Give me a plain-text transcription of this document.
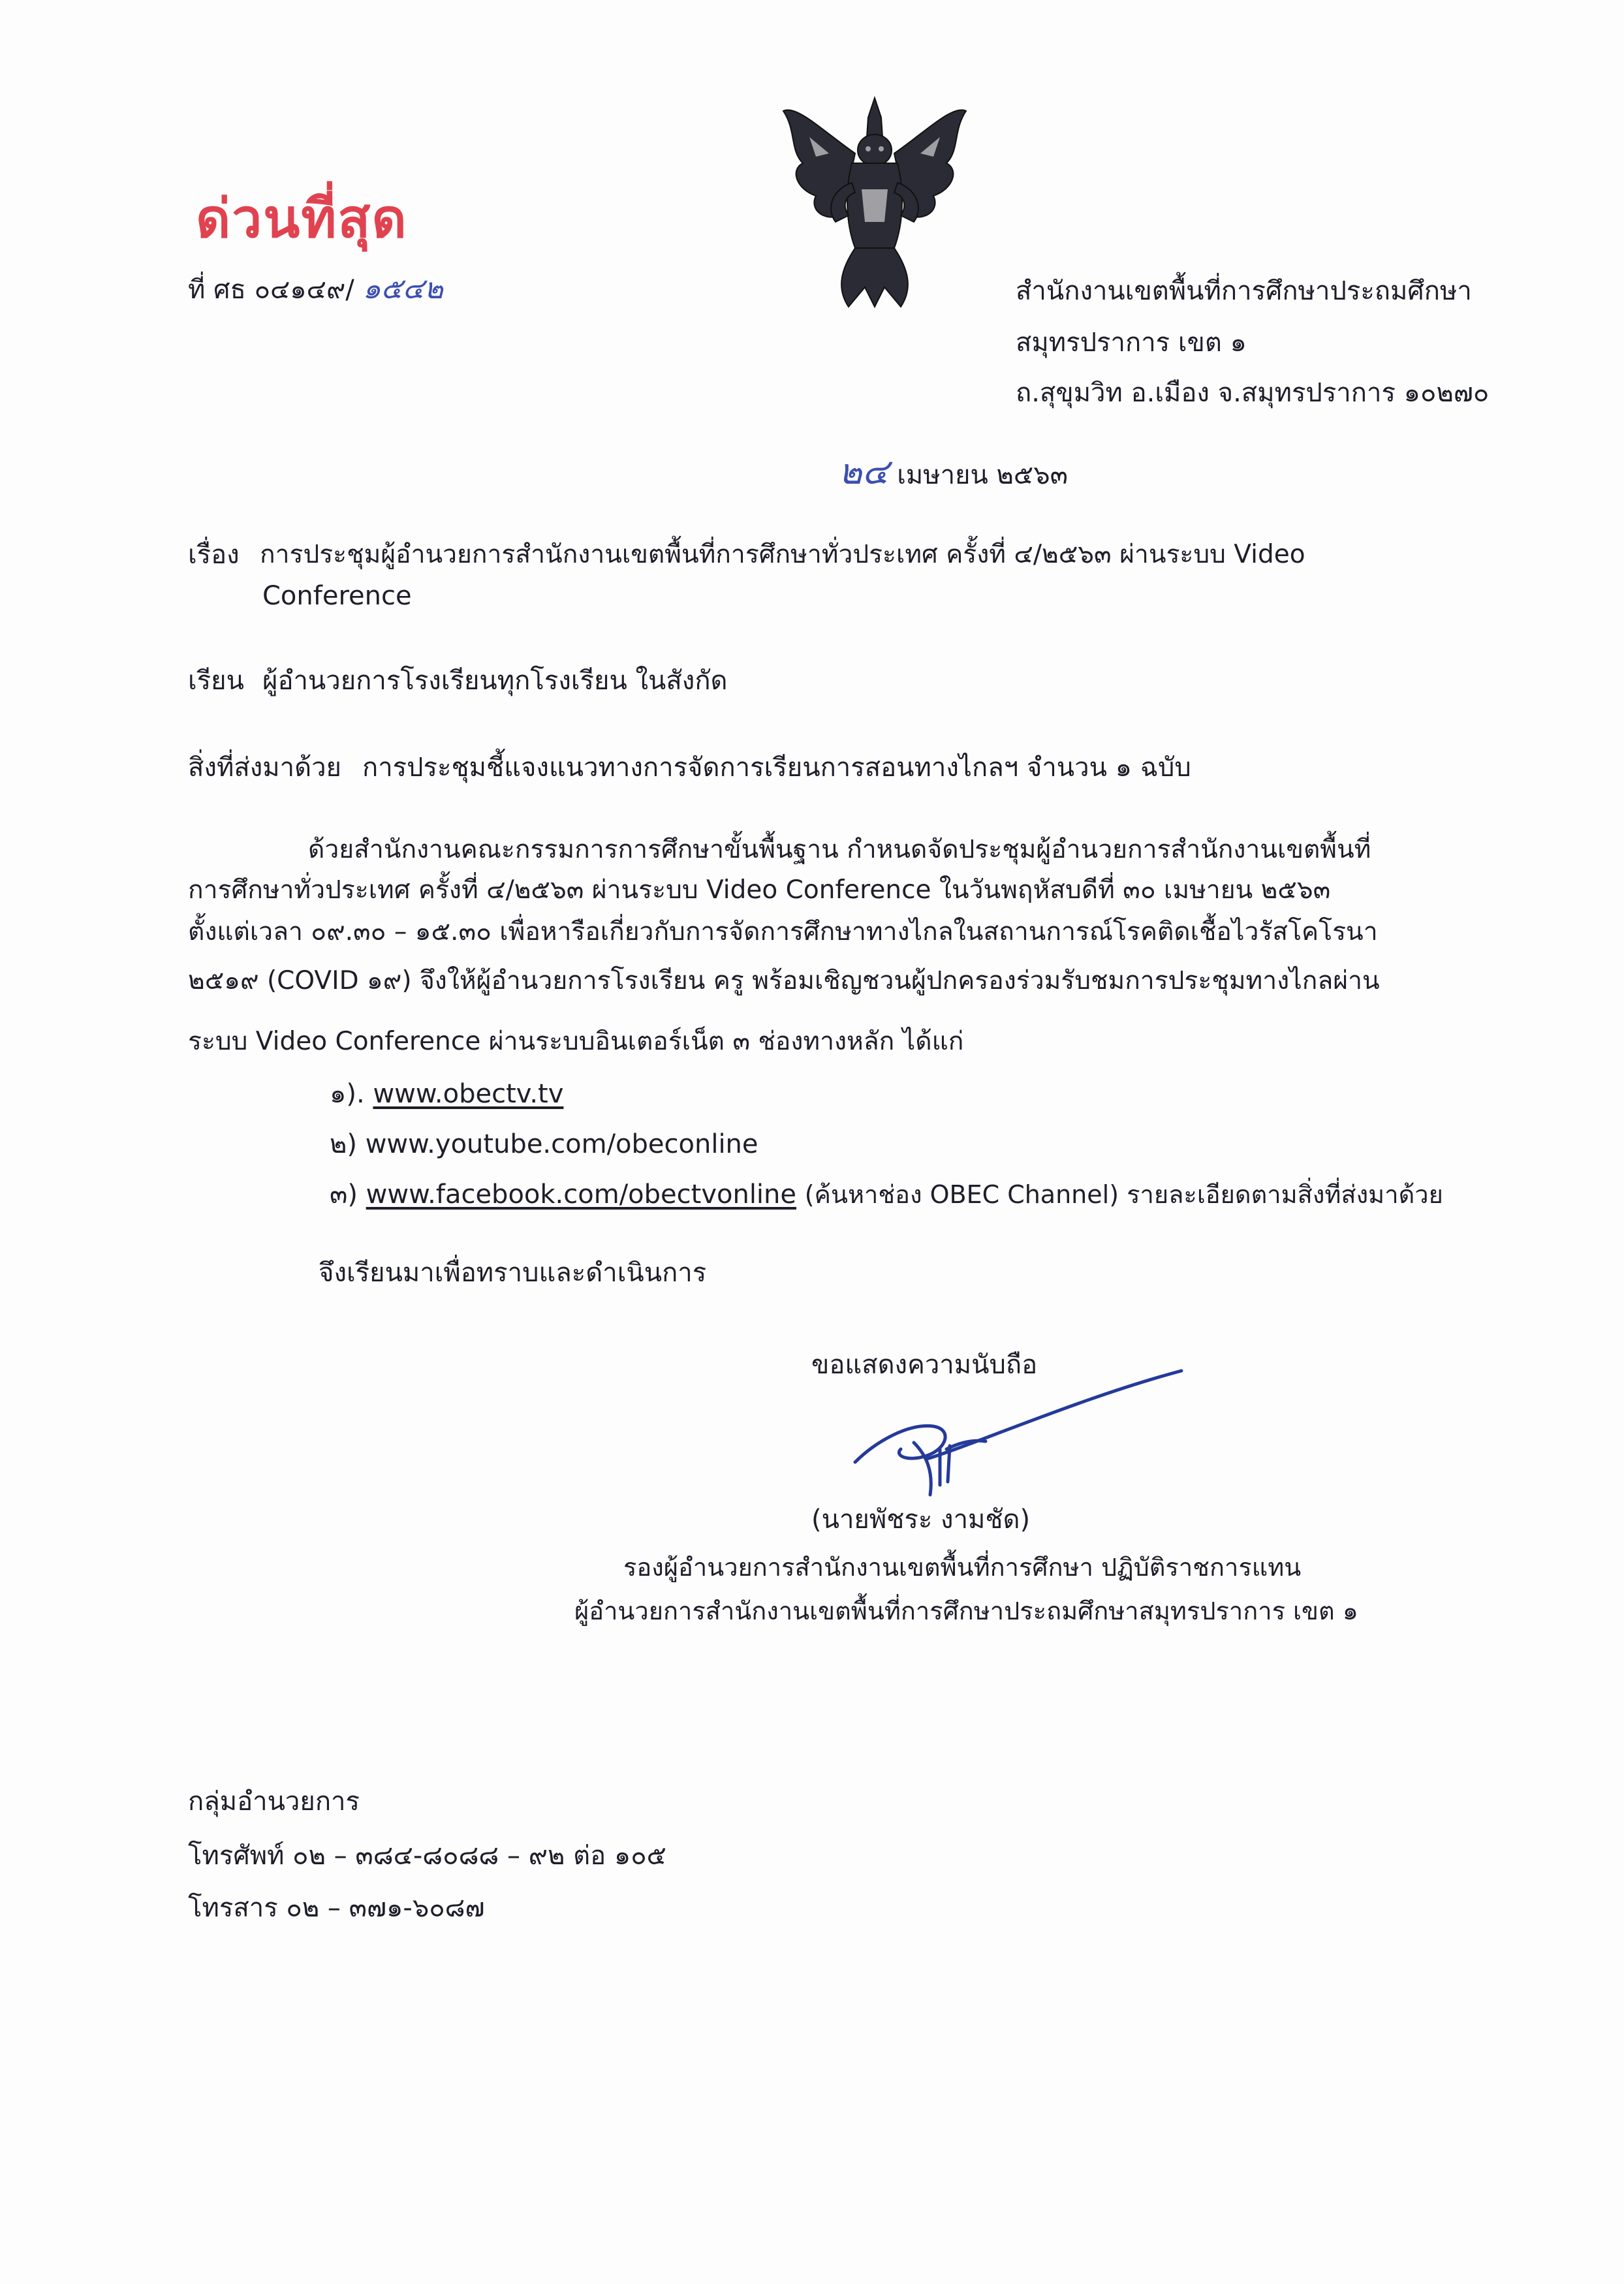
ด่วนที่สุด
ที่ ศธ ๐๔๑๔๙/ ๑๕๔๒	สำนักงานเขตพื้นที่การศึกษาประถมศึกษา
สมุทรปราการ เขต ๑
ถ.สุขุมวิท อ.เมือง จ.สมุทรปราการ ๑๐๒๗๐
๒๔ เมษายน ๒๕๖๓
เรื่อง การประชุมผู้อำนวยการสำนักงานเขตพื้นที่การศึกษาทั่วประเทศ ครั้งที่ ๔/๒๕๖๓ ผ่านระบบ Video
Conference
เรียน ผู้อำนวยการโรงเรียนทุกโรงเรียน ในสังกัด
สิ่งที่ส่งมาด้วย การประชุมชี้แจงแนวทางการจัดการเรียนการสอนทางไกลฯ จำนวน ๑ ฉบับ
ด้วยสำนักงานคณะกรรมการการศึกษาขั้นพื้นฐาน กำหนดจัดประชุมผู้อำนวยการสำนักงานเขตพื้นที่
การศึกษาทั่วประเทศ ครั้งที่ ๔/๒๕๖๓ ผ่านระบบ Video Conference ในวันพฤหัสบดีที่ ๓๐ เมษายน ๒๕๖๓
ตั้งแต่เวลา ๐๙.๓๐ – ๑๕.๓๐ เพื่อหารือเกี่ยวกับการจัดการศึกษาทางไกลในสถานการณ์โรคติดเชื้อไวรัสโคโรนา
๒๕๑๙ (COVID ๑๙) จึงให้ผู้อำนวยการโรงเรียน ครู พร้อมเชิญชวนผู้ปกครองร่วมรับชมการประชุมทางไกลผ่าน
ระบบ Video Conference ผ่านระบบอินเตอร์เน็ต ๓ ช่องทางหลัก ได้แก่
๑). www.obectv.tv
๒) www.youtube.com/obeconline
๓) www.facebook.com/obectvonline (ค้นหาช่อง OBEC Channel) รายละเอียดตามสิ่งที่ส่งมาด้วย
จึงเรียนมาเพื่อทราบและดำเนินการ
ขอแสดงความนับถือ
(นายพัชระ งามชัด)
รองผู้อำนวยการสำนักงานเขตพื้นที่การศึกษา ปฏิบัติราชการแทน
ผู้อำนวยการสำนักงานเขตพื้นที่การศึกษาประถมศึกษาสมุทรปราการ เขต ๑
กลุ่มอำนวยการ
โทรศัพท์ ๐๒ – ๓๘๔-๘๐๘๘ – ๙๒ ต่อ ๑๐๕
โทรสาร ๐๒ – ๓๗๑-๖๐๘๗
